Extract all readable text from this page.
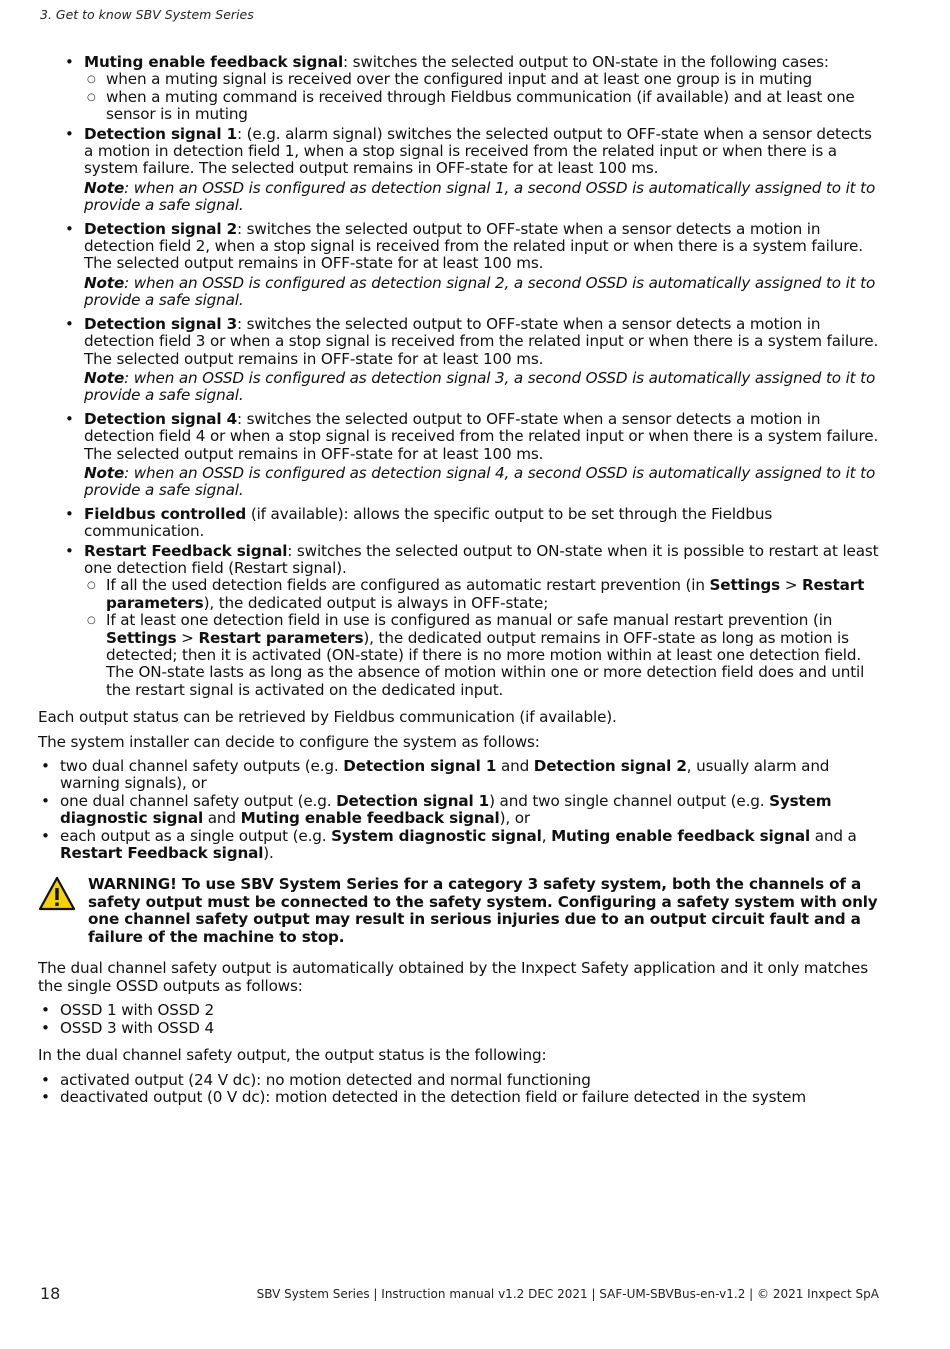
3. Get to know SBV System Series
• Muting enable feedback signal: switches the selected output to ON-state in the following cases:
○ when a muting signal is received over the configured input and at least one group is in muting
○ when a muting command is received through Fieldbus communication (if available) and at least one sensor is in muting
• Detection signal 1: (e.g. alarm signal) switches the selected output to OFF-state when a sensor detects a motion in detection field 1, when a stop signal is received from the related input or when there is a system failure. The selected output remains in OFF-state for at least 100 ms.
Note: when an OSSD is configured as detection signal 1, a second OSSD is automatically assigned to it to provide a safe signal.
• Detection signal 2: switches the selected output to OFF-state when a sensor detects a motion in detection field 2, when a stop signal is received from the related input or when there is a system failure. The selected output remains in OFF-state for at least 100 ms.
Note: when an OSSD is configured as detection signal 2, a second OSSD is automatically assigned to it to provide a safe signal.
• Detection signal 3: switches the selected output to OFF-state when a sensor detects a motion in detection field 3 or when a stop signal is received from the related input or when there is a system failure. The selected output remains in OFF-state for at least 100 ms.
Note: when an OSSD is configured as detection signal 3, a second OSSD is automatically assigned to it to provide a safe signal.
• Detection signal 4: switches the selected output to OFF-state when a sensor detects a motion in detection field 4 or when a stop signal is received from the related input or when there is a system failure. The selected output remains in OFF-state for at least 100 ms.
Note: when an OSSD is configured as detection signal 4, a second OSSD is automatically assigned to it to provide a safe signal.
• Fieldbus controlled (if available): allows the specific output to be set through the Fieldbus communication.
• Restart Feedback signal: switches the selected output to ON-state when it is possible to restart at least one detection field (Restart signal).
○ If all the used detection fields are configured as automatic restart prevention (in Settings > Restart parameters), the dedicated output is always in OFF-state;
○ If at least one detection field in use is configured as manual or safe manual restart prevention (in Settings > Restart parameters), the dedicated output remains in OFF-state as long as motion is detected; then it is activated (ON-state) if there is no more motion within at least one detection field. The ON-state lasts as long as the absence of motion within one or more detection field does and until the restart signal is activated on the dedicated input.

Each output status can be retrieved by Fieldbus communication (if available).

The system installer can decide to configure the system as follows:

• two dual channel safety outputs (e.g. Detection signal 1 and Detection signal 2, usually alarm and warning signals), or
• one dual channel safety output (e.g. Detection signal 1) and two single channel output (e.g. System diagnostic signal and Muting enable feedback signal), or
• each output as a single output (e.g. System diagnostic signal, Muting enable feedback signal and a Restart Feedback signal).
WARNING! To use SBV System Series for a category 3 safety system, both the channels of a safety output must be connected to the safety system. Configuring a safety system with only one channel safety output may result in serious injuries due to an output circuit fault and a failure of the machine to stop.

The dual channel safety output is automatically obtained by the Inxpect Safety application and it only matches the single OSSD outputs as follows:

• OSSD 1 with OSSD 2
• OSSD 3 with OSSD 4

In the dual channel safety output, the output status is the following:

• activated output (24 V dc): no motion detected and normal functioning
• deactivated output (0 V dc): motion detected in the detection field or failure detected in the system
18	SBV System Series | Instruction manual v1.2 DEC 2021 | SAF-UM-SBVBus-en-v1.2 | © 2021 Inxpect SpA
